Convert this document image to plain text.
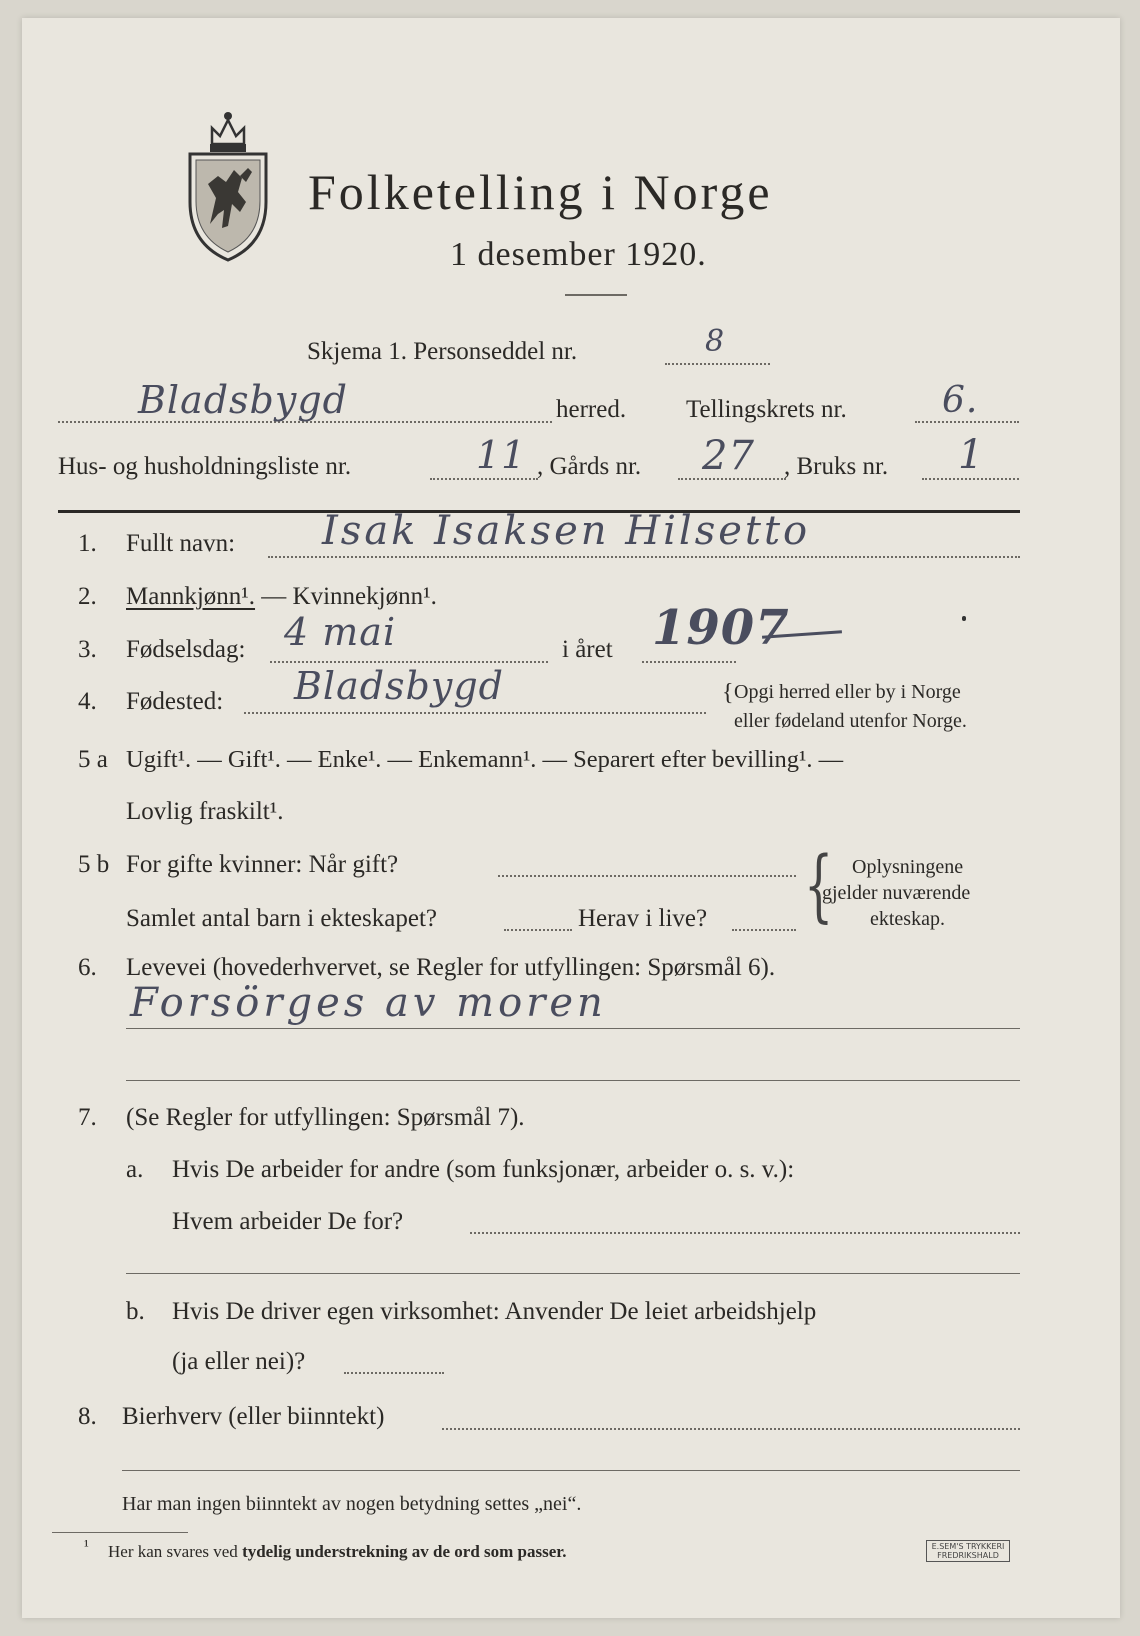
Folketelling i Norge
1 desember 1920.
Skjema 1. Personseddel nr.	8
Bladsbygd	herred. Tellingskrets nr.	6.
Hus- og husholdningsliste nr.	11 , Gårds nr. 27 , Bruks nr. 1
1. Fullt navn: Isak Isaksen Hilsetto
2. Mannkjønn¹. — Kvinnekjønn¹.
3. Fødselsdag: 4 mai	i året 1907
4. Fødested: Bladsbygd	{ Opgi herred eller by i Norge
eller fødeland utenfor Norge.
5 a Ugift¹. — Gift¹. — Enke¹. — Enkemann¹. — Separert efter bevilling¹. —
Lovlig fraskilt¹.
5 b For gifte kvinner: Når gift?
Samlet antal barn i ekteskapet?	Herav i live? { Oplysningene
gjelder nuværende
ekteskap.
6. Levevei (hovederhvervet, se Regler for utfyllingen: Spørsmål 6).
Forsörges av moren
7. (Se Regler for utfyllingen: Spørsmål 7).
a. Hvis De arbeider for andre (som funksjonær, arbeider o. s. v.):
Hvem arbeider De for?
b. Hvis De driver egen virksomhet: Anvender De leiet arbeidshjelp
(ja eller nei)?
8. Bierhverv (eller biinntekt)
Har man ingen biinntekt av nogen betydning settes „nei“.
¹ Her kan svares ved tydelig understrekning av de ord som passer.	E.SEM'S TRYKKERI FREDRIKSHALD
